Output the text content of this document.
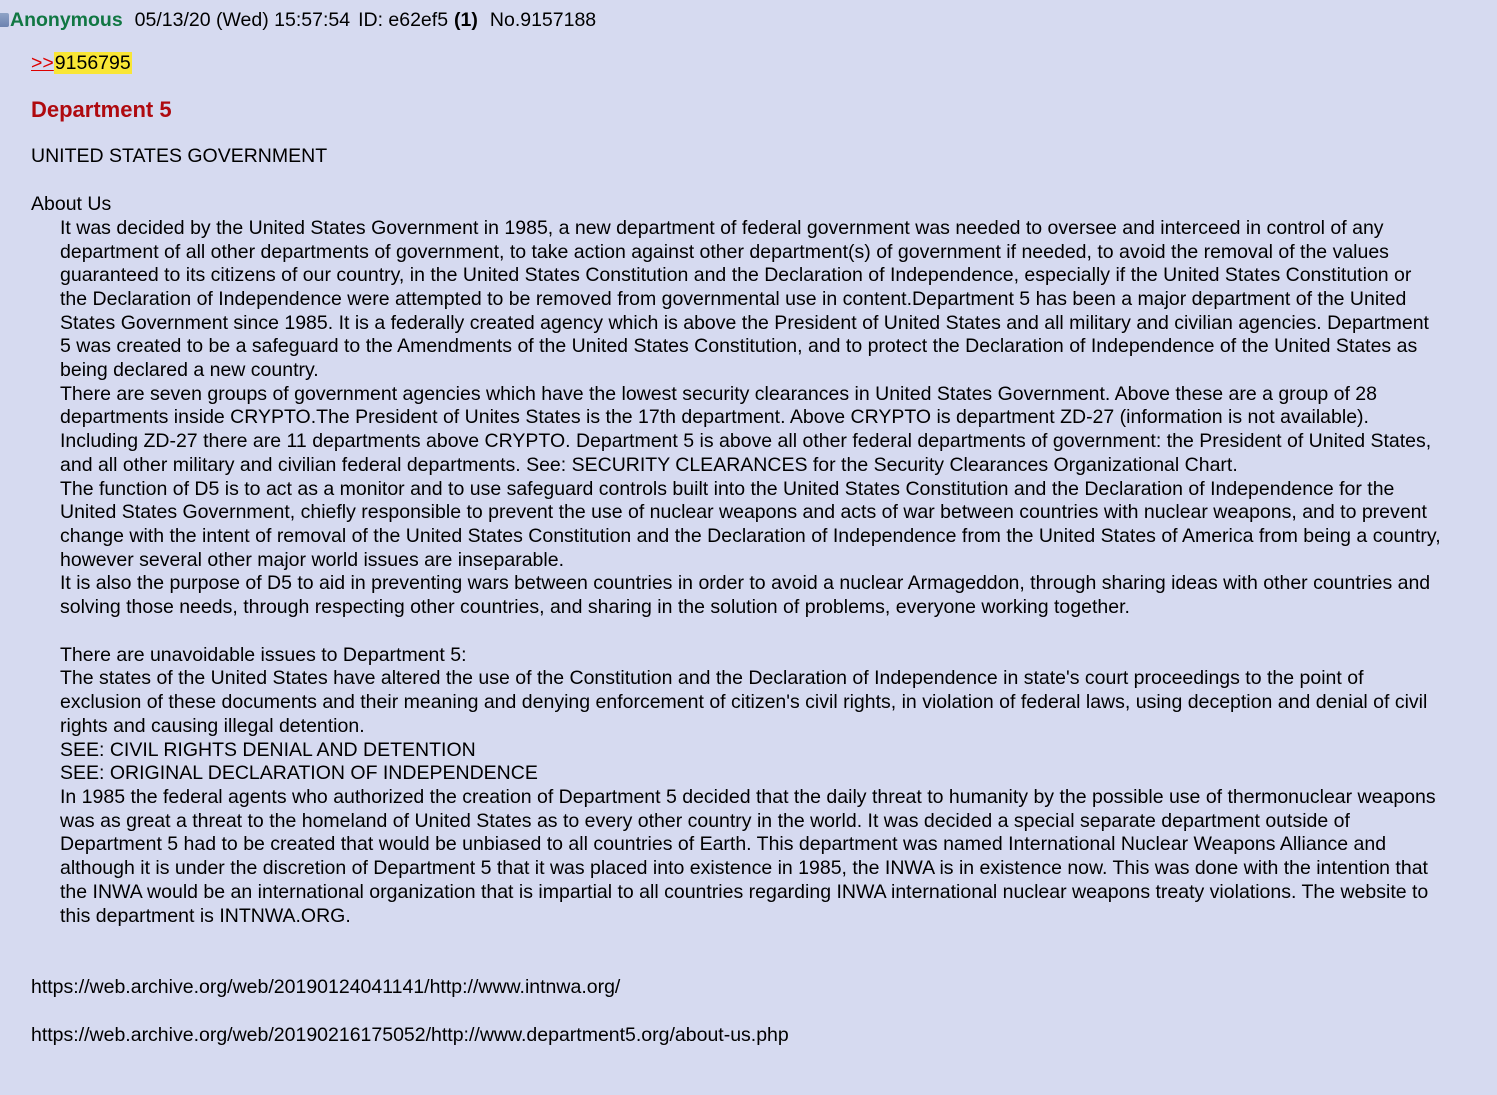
Anonymous 05/13/20 (Wed) 15:57:54 ID: e62ef5 (1) No.9157188
>>9156795
Department 5

UNITED STATES GOVERNMENT

About Us

It was decided by the United States Government in 1985, a new department of federal government was needed to oversee and interceed in control of any department of all other departments of government, to take action against other department(s) of government if needed, to avoid the removal of the values guaranteed to its citizens of our country, in the United States Constitution and the Declaration of Independence, especially if the United States Constitution or the Declaration of Independence were attempted to be removed from governmental use in content.Department 5 has been a major department of the United States Government since 1985. It is a federally created agency which is above the President of United States and all military and civilian agencies. Department 5 was created to be a safeguard to the Amendments of the United States Constitution, and to protect the Declaration of Independence of the United States as being declared a new country.

There are seven groups of government agencies which have the lowest security clearances in United States Government. Above these are a group of 28 departments inside CRYPTO.The President of Unites States is the 17th department. Above CRYPTO is department ZD-27 (information is not available). Including ZD-27 there are 11 departments above CRYPTO. Department 5 is above all other federal departments of government: the President of United States, and all other military and civilian federal departments. See: SECURITY CLEARANCES for the Security Clearances Organizational Chart.

The function of D5 is to act as a monitor and to use safeguard controls built into the United States Constitution and the Declaration of Independence for the United States Government, chiefly responsible to prevent the use of nuclear weapons and acts of war between countries with nuclear weapons, and to prevent change with the intent of removal of the United States Constitution and the Declaration of Independence from the United States of America from being a country, however several other major world issues are inseparable.

It is also the purpose of D5 to aid in preventing wars between countries in order to avoid a nuclear Armageddon, through sharing ideas with other countries and solving those needs, through respecting other countries, and sharing in the solution of problems, everyone working together.

There are unavoidable issues to Department 5:

The states of the United States have altered the use of the Constitution and the Declaration of Independence in state's court proceedings to the point of exclusion of these documents and their meaning and denying enforcement of citizen's civil rights, in violation of federal laws, using deception and denial of civil rights and causing illegal detention.

SEE: CIVIL RIGHTS DENIAL AND DETENTION

SEE: ORIGINAL DECLARATION OF INDEPENDENCE

In 1985 the federal agents who authorized the creation of Department 5 decided that the daily threat to humanity by the possible use of thermonuclear weapons was as great a threat to the homeland of United States as to every other country in the world. It was decided a special separate department outside of Department 5 had to be created that would be unbiased to all countries of Earth. This department was named International Nuclear Weapons Alliance and although it is under the discretion of Department 5 that it was placed into existence in 1985, the INWA is in existence now. This was done with the intention that the INWA would be an international organization that is impartial to all countries regarding INWA international nuclear weapons treaty violations. The website to this department is INTNWA.ORG.

https://web.archive.org/web/20190124041141/http://www.intnwa.org/

https://web.archive.org/web/20190216175052/http://www.department5.org/about-us.php
